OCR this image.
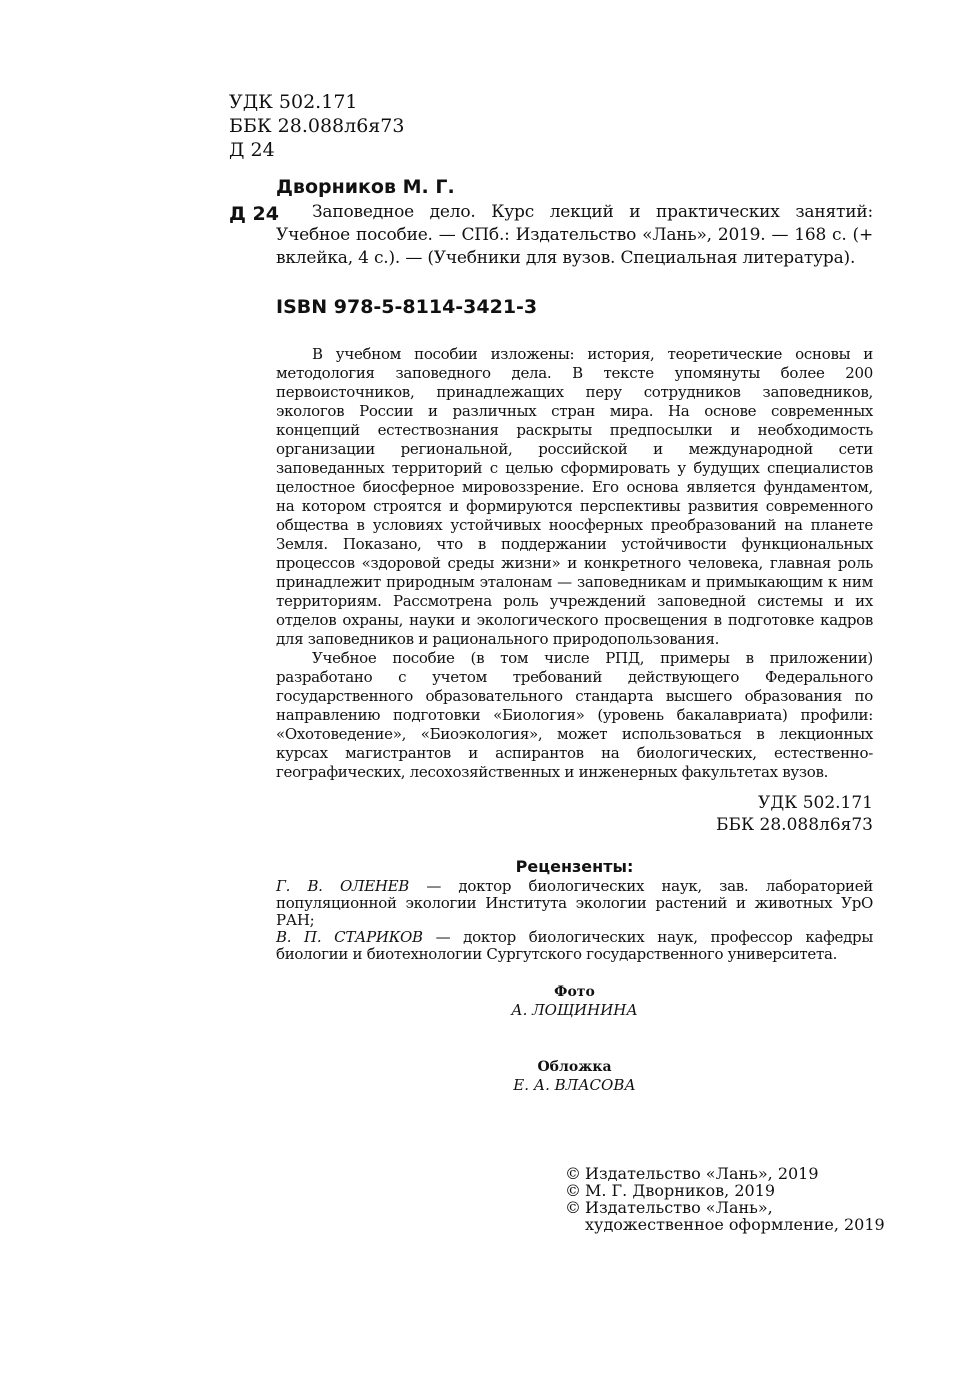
УДК 502.171
ББК 28.088л6я73
Д 24
Дворников М. Г.
Д 24	Заповедное дело. Курс лекций и практических занятий: Учебное пособие. — СПб.: Издательство «Лань», 2019. — 168 с. (+ вклейка, 4 с.). — (Учебники для вузов. Специальная литература).
ISBN 978-5-8114-3421-3

В учебном пособии изложены: история, теоретические основы и методология заповедного дела. В тексте упомянуты более 200 первоисточников, принадлежащих перу сотрудников заповедников, экологов России и различных стран мира. На основе современных концепций естествознания раскрыты предпосылки и необходимость организации региональной, российской и международной сети заповеданных территорий с целью сформировать у будущих специалистов целостное биосферное мировоззрение. Его основа является фундаментом, на котором строятся и формируются перспективы развития современного общества в условиях устойчивых ноосферных преобразований на планете Земля. Показано, что в поддержании устойчивости функциональных процессов «здоровой среды жизни» и конкретного человека, главная роль принадлежит природным эталонам — заповедникам и примыкающим к ним территориям. Рассмотрена роль учреждений заповедной системы и их отделов охраны, науки и экологического просвещения в подготовке кадров для заповедников и рационального природопользования.

Учебное пособие (в том числе РПД, примеры в приложении) разработано с учетом требований действующего Федерального государственного образовательного стандарта высшего образования по направлению подготовки «Биология» (уровень бакалавриата) профили: «Охотоведение», «Биоэкология», может использоваться в лекционных курсах магистрантов и аспирантов на биологических, естественно-географических, лесохозяйственных и инженерных факультетах вузов.

УДК 502.171
ББК 28.088л6я73
Рецензенты:

Г. В. ОЛЕНЕВ — доктор биологических наук, зав. лабораторией популяционной экологии Института экологии растений и животных УрО РАН;

В. П. СТАРИКОВ — доктор биологических наук, профессор кафедры биологии и биотехнологии Сургутского государственного университета.

Фото
А. ЛОЩИНИНА
Обложка
Е. А. ВЛАСОВА
© Издательство «Лань», 2019
© М. Г. Дворников, 2019
© Издательство «Лань»,
художественное оформление, 2019
